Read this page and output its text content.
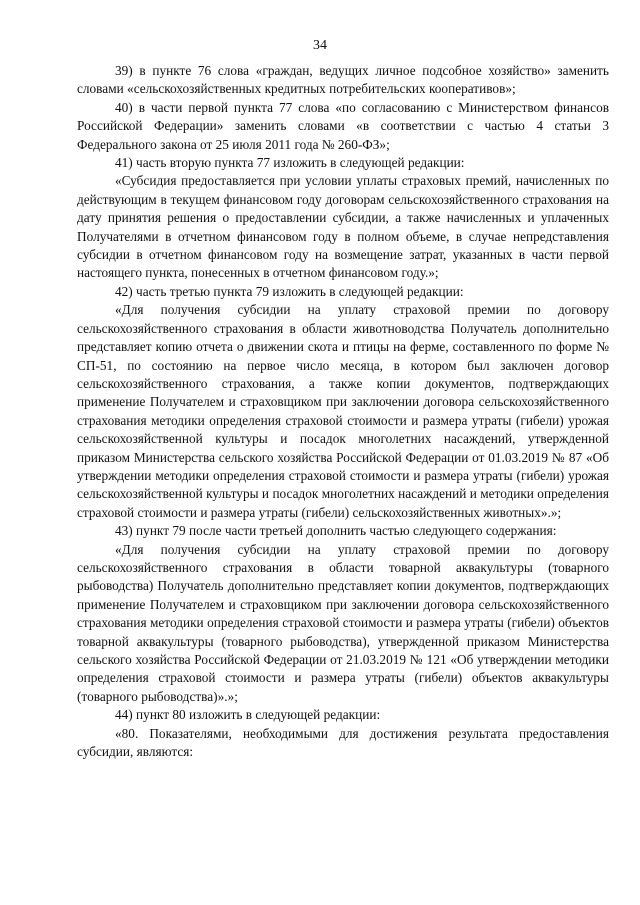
34

39) в пункте 76 слова «граждан, ведущих личное подсобное хозяйство» заменить словами «сельскохозяйственных кредитных потребительских кооперативов»;

40) в части первой пункта 77 слова «по согласованию с Министерством финансов Российской Федерации» заменить словами «в соответствии с частью 4 статьи 3 Федерального закона от 25 июля 2011 года № 260-ФЗ»;

41) часть вторую пункта 77 изложить в следующей редакции:

«Субсидия предоставляется при условии уплаты страховых премий, начисленных по действующим в текущем финансовом году договорам сельскохозяйственного страхования на дату принятия решения о предоставлении субсидии, а также начисленных и уплаченных Получателями в отчетном финансовом году в полном объеме, в случае непредставления субсидии в отчетном финансовом году на возмещение затрат, указанных в части первой настоящего пункта, понесенных в отчетном финансовом году.»;

42) часть третью пункта 79 изложить в следующей редакции:

«Для получения субсидии на уплату страховой премии по договору сельскохозяйственного страхования в области животноводства Получатель дополнительно представляет копию отчета о движении скота и птицы на ферме, составленного по форме № СП-51, по состоянию на первое число месяца, в котором был заключен договор сельскохозяйственного страхования, а также копии документов, подтверждающих применение Получателем и страховщиком при заключении договора сельскохозяйственного страхования методики определения страховой стоимости и размера утраты (гибели) урожая сельскохозяйственной культуры и посадок многолетних насаждений, утвержденной приказом Министерства сельского хозяйства Российской Федерации от 01.03.2019 № 87 «Об утверждении методики определения страховой стоимости и размера утраты (гибели) урожая сельскохозяйственной культуры и посадок многолетних насаждений и методики определения страховой стоимости и размера утраты (гибели) сельскохозяйственных животных».»;

43) пункт 79 после части третьей дополнить частью следующего содержания:

«Для получения субсидии на уплату страховой премии по договору сельскохозяйственного страхования в области товарной аквакультуры (товарного рыбоводства) Получатель дополнительно представляет копии документов, подтверждающих применение Получателем и страховщиком при заключении договора сельскохозяйственного страхования методики определения страховой стоимости и размера утраты (гибели) объектов товарной аквакультуры (товарного рыбоводства), утвержденной приказом Министерства сельского хозяйства Российской Федерации от 21.03.2019 № 121 «Об утверждении методики определения страховой стоимости и размера утраты (гибели) объектов аквакультуры (товарного рыбоводства)».»;

44) пункт 80 изложить в следующей редакции:

«80. Показателями, необходимыми для достижения результата предоставления субсидии, являются:
